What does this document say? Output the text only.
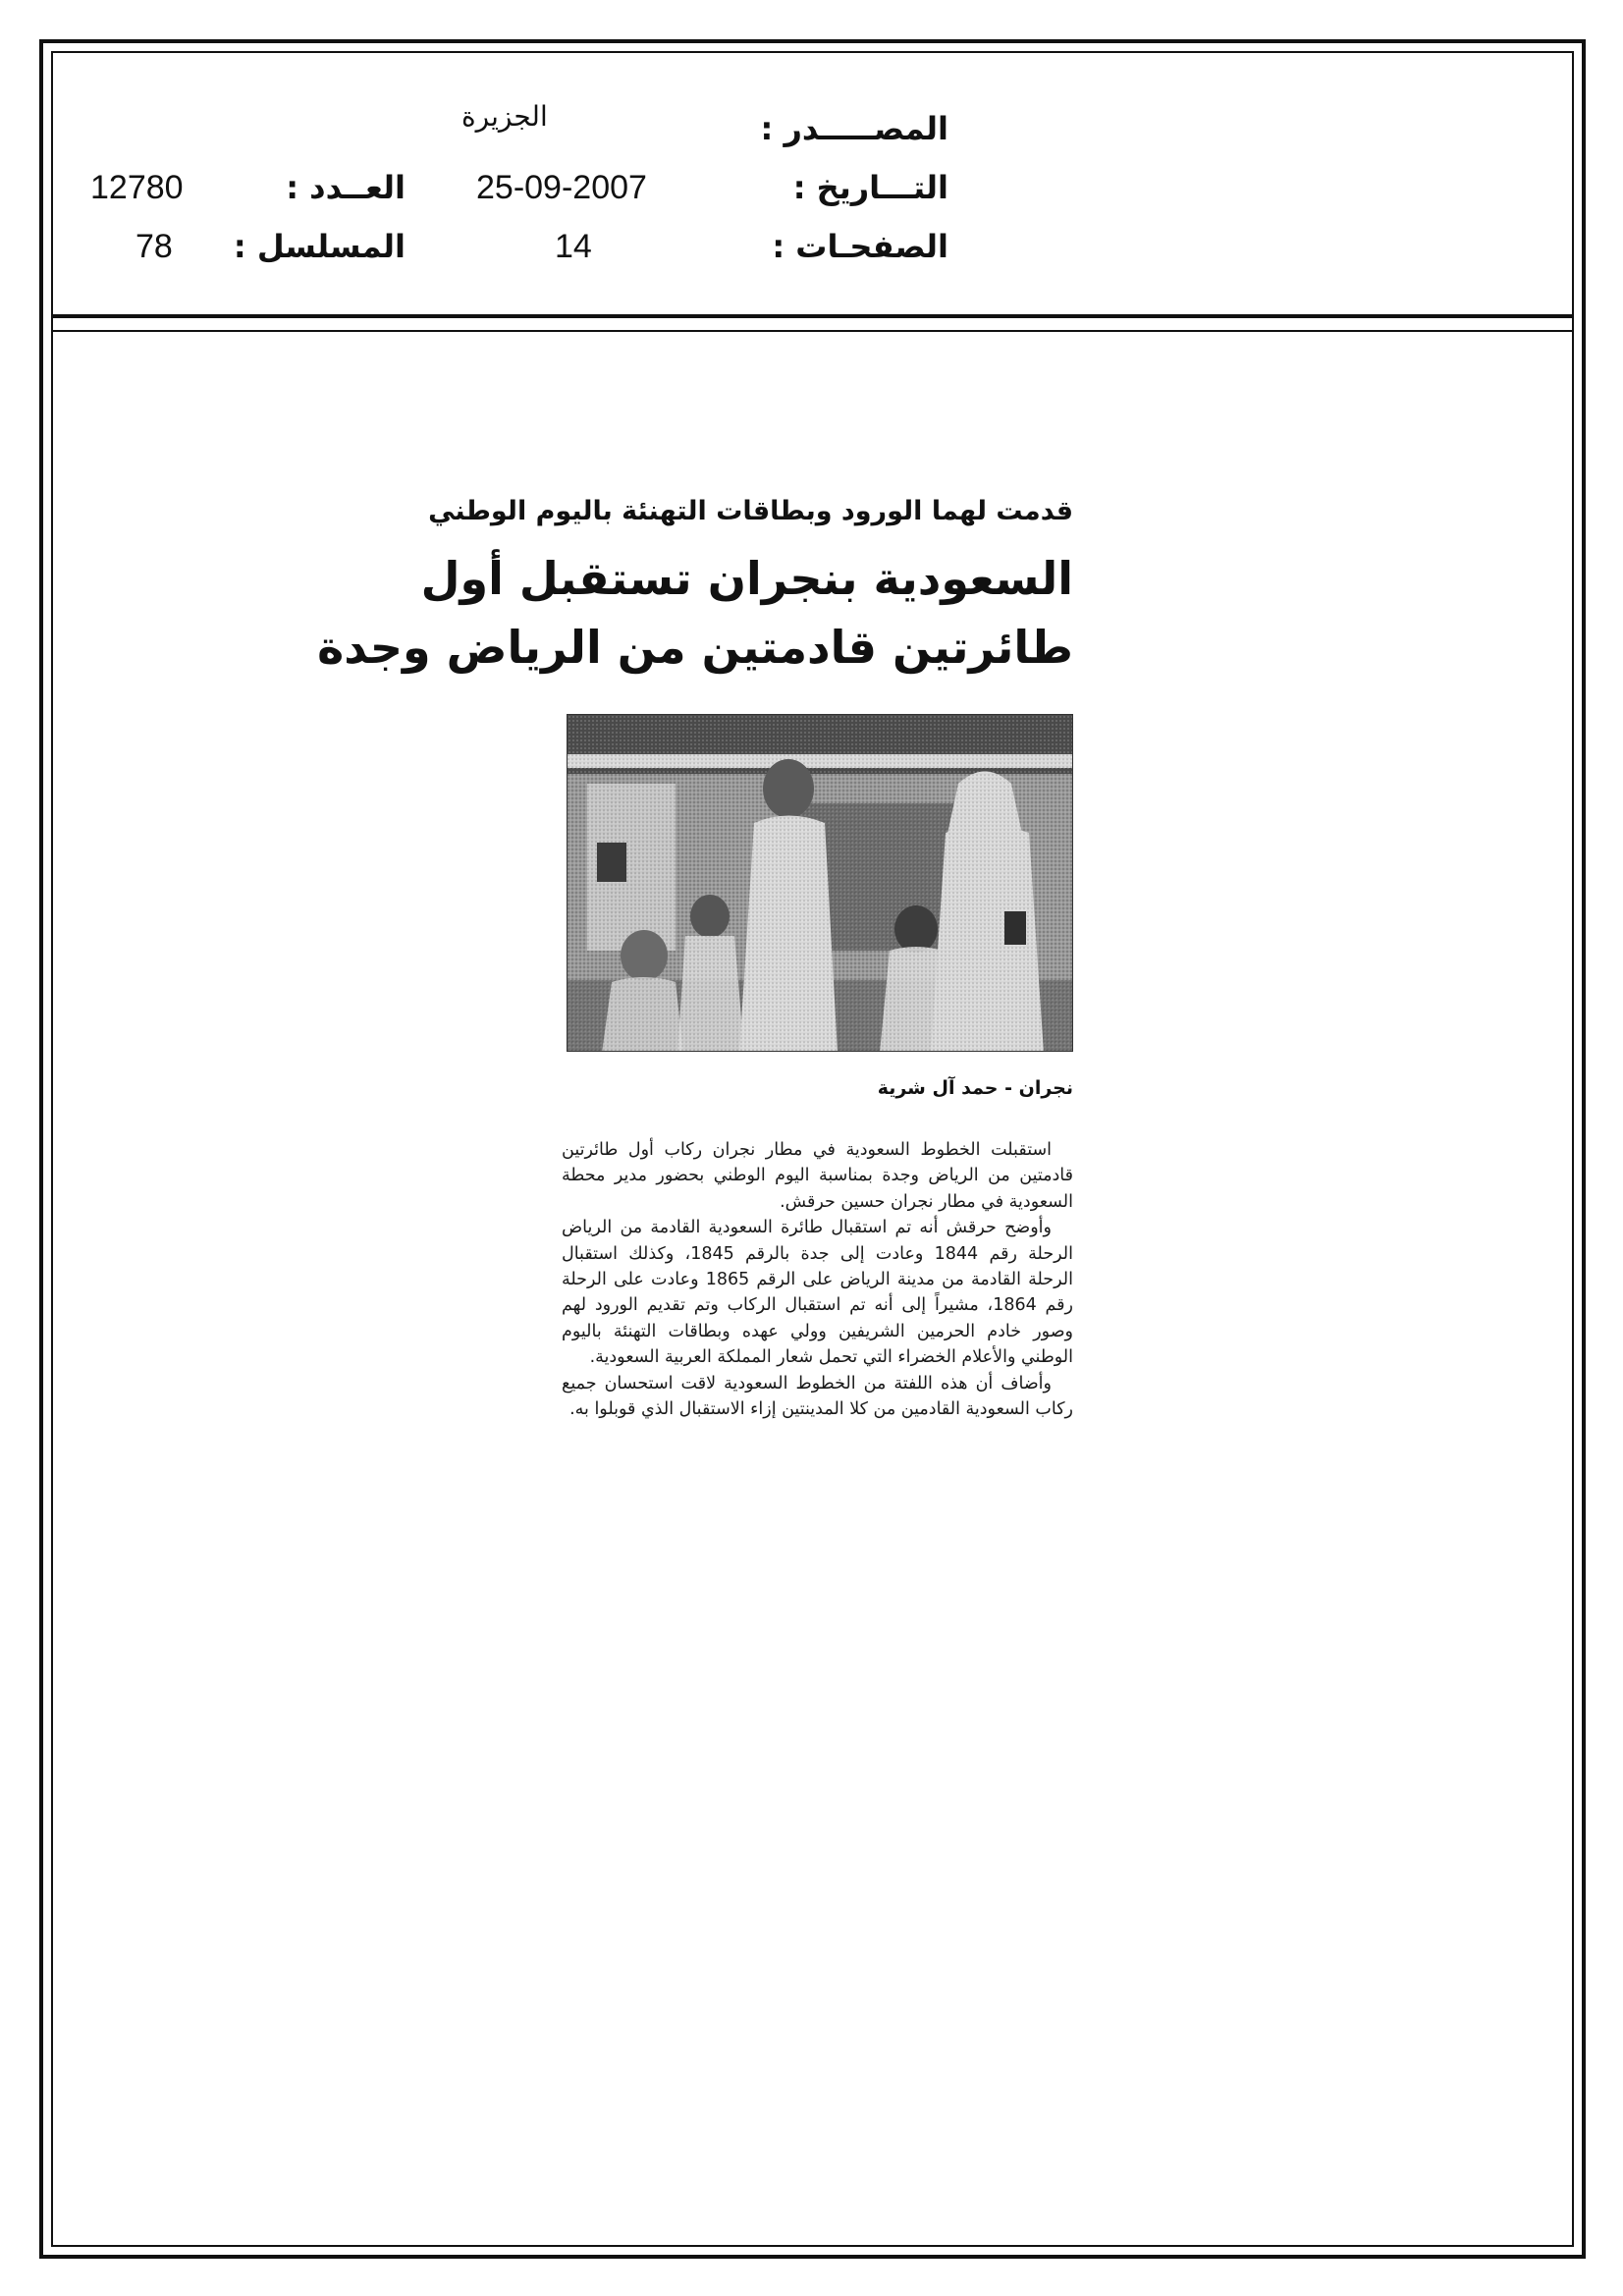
المصـــــدر :
الجزيرة
التـــاريخ :
25-09-2007
الصفحـات :
14
العــدد :
12780
المسلسل :
78
قدمت لهما الورود وبطاقات التهنئة باليوم الوطني
السعودية بنجران تستقبل أول
طائرتين قادمتين من الرياض وجدة
نجران - حمد آل شرية

استقبلت الخطوط السعودية في مطار نجران ركاب أول طائرتين قادمتين من الرياض وجدة بمناسبة اليوم الوطني بحضور مدير محطة السعودية في مطار نجران حسين حرقش.

وأوضح حرقش أنه تم استقبال طائرة السعودية القادمة من الرياض الرحلة رقم 1844 وعادت إلى جدة بالرقم 1845، وكذلك استقبال الرحلة القادمة من مدينة الرياض على الرقم 1865 وعادت على الرحلة رقم 1864، مشيراً إلى أنه تم استقبال الركاب وتم تقديم الورود لهم وصور خادم الحرمين الشريفين وولي عهده وبطاقات التهنئة باليوم الوطني والأعلام الخضراء التي تحمل شعار المملكة العربية السعودية.

وأضاف أن هذه اللفتة من الخطوط السعودية لاقت استحسان جميع ركاب السعودية القادمين من كلا المدينتين إزاء الاستقبال الذي قوبلوا به.
